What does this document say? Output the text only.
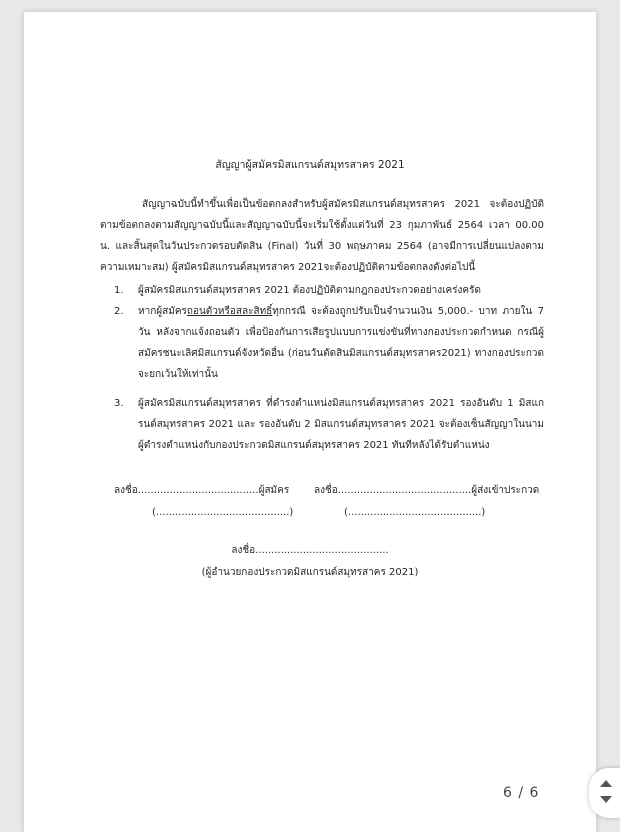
สัญญาผู้สมัครมิสแกรนด์สมุทรสาคร 2021
สัญญาฉบับนี้ทำขึ้นเพื่อเป็นข้อตกลงสำหรับผู้สมัครมิสแกรนด์สมุทรสาคร 2021 จะต้องปฏิบัติตามข้อตกลงตามสัญญาฉบับนี้และสัญญาฉบับนี้จะเริ่มใช้ตั้งแต่วันที่ 23 กุมภาพันธ์ 2564 เวลา 00.00 น. และสิ้นสุดในวันประกวดรอบตัดสิน (Final) วันที่ 30 พฤษภาคม 2564 (อาจมีการเปลี่ยนแปลงตามความเหมาะสม) ผู้สมัครมิสแกรนด์สมุทรสาคร 2021จะต้องปฏิบัติตามข้อตกลงดังต่อไปนี้
1. ผู้สมัครมิสแกรนด์สมุทรสาคร 2021 ต้องปฏิบัติตามกฎกองประกวดอย่างเคร่งครัด
2. หากผู้สมัครถอนตัวหรือสละสิทธิ์ทุกกรณี จะต้องถูกปรับเป็นจำนวนเงิน 5,000.- บาท ภายใน 7 วัน หลังจากแจ้งถอนตัว เพื่อป้องกันการเสียรูปแบบการแข่งขันที่ทางกองประกวดกำหนด กรณีผู้สมัครชนะเลิศมิสแกรนด์จังหวัดอื่น (ก่อนวันตัดสินมิสแกรนด์สมุทรสาคร2021) ทางกองประกวดจะยกเว้นให้เท่านั้น
3. ผู้สมัครมิสแกรนด์สมุทรสาคร ที่ดำรงตำแหน่งมิสแกรนด์สมุทรสาคร 2021 รองอันดับ 1 มิสแกรนด์สมุทรสาคร 2021 และ รองอันดับ 2 มิสแกรนด์สมุทรสาคร 2021 จะต้องเซ็นสัญญาในนามผู้ดำรงตำแหน่งกับกองประกวดมิสแกรนด์สมุทรสาคร 2021 ทันทีหลังได้รับตำแหน่ง
ลงชื่อ......................................ผู้สมัคร
(..........................................)
ลงชื่อ..........................................ผู้ส่งเข้าประกวด
(..........................................)
ลงชื่อ..........................................
(ผู้อำนวยกองประกวดมิสแกรนด์สมุทรสาคร 2021)
6 / 6
